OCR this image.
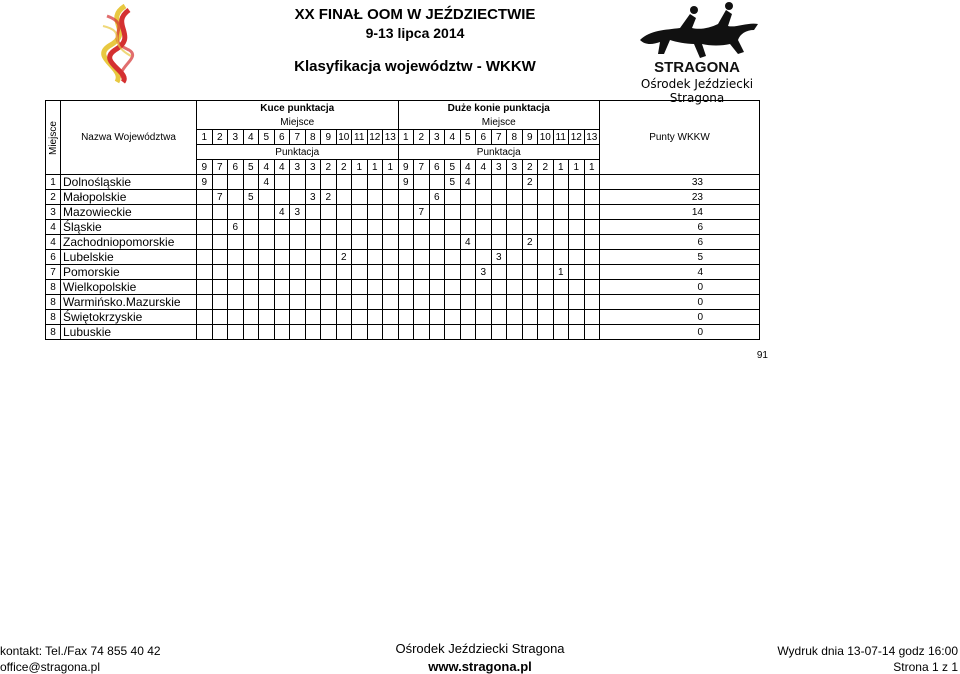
XX FINAŁ OOM W JEŹDZIECTWIE
9-13 lipca 2014
Klasyfikacja województw - WKKW	STRAGONA
Ośrodek Jeździecki Stragona
Miejsce	Nazwa Województwa	Kuce punktacja													Duże konie punktacja													Punty WKKW
		Miejsce													Miejsce													
		1	2	3	4	5	6	7	8	9	10	11	12	13	1	2	3	4	5	6	7	8	9	10	11	12	13	
		Punktacja													Punktacja													
		9	7	6	5	4	4	3	3	2	2	1	1	1	9	7	6	5	4	4	3	3	2	2	1	1	1	
1	Dolnośląskie	9				4									9			5	4				2					33
2	Małopolskie		7		5				3	2							6											23
3	Mazowieckie						4	3								7												14
4	Śląskie			6																								6
4	Zachodniopomorskie																		4				2					6
6	Lubelskie										2										3							5
7	Pomorskie																			3					1			4
8	Wielkopolskie																											0
8	Warmińsko.Mazurskie																											0
8	Świętokrzyskie																											0
8	Lubuskie																											0
91
kontakt: Tel./Fax 74 855 40 42
office@stragona.pl
Ośrodek Jeździecki Stragona
www.stragona.pl
Wydruk dnia 13-07-14 godz 16:00
Strona 1 z 1
